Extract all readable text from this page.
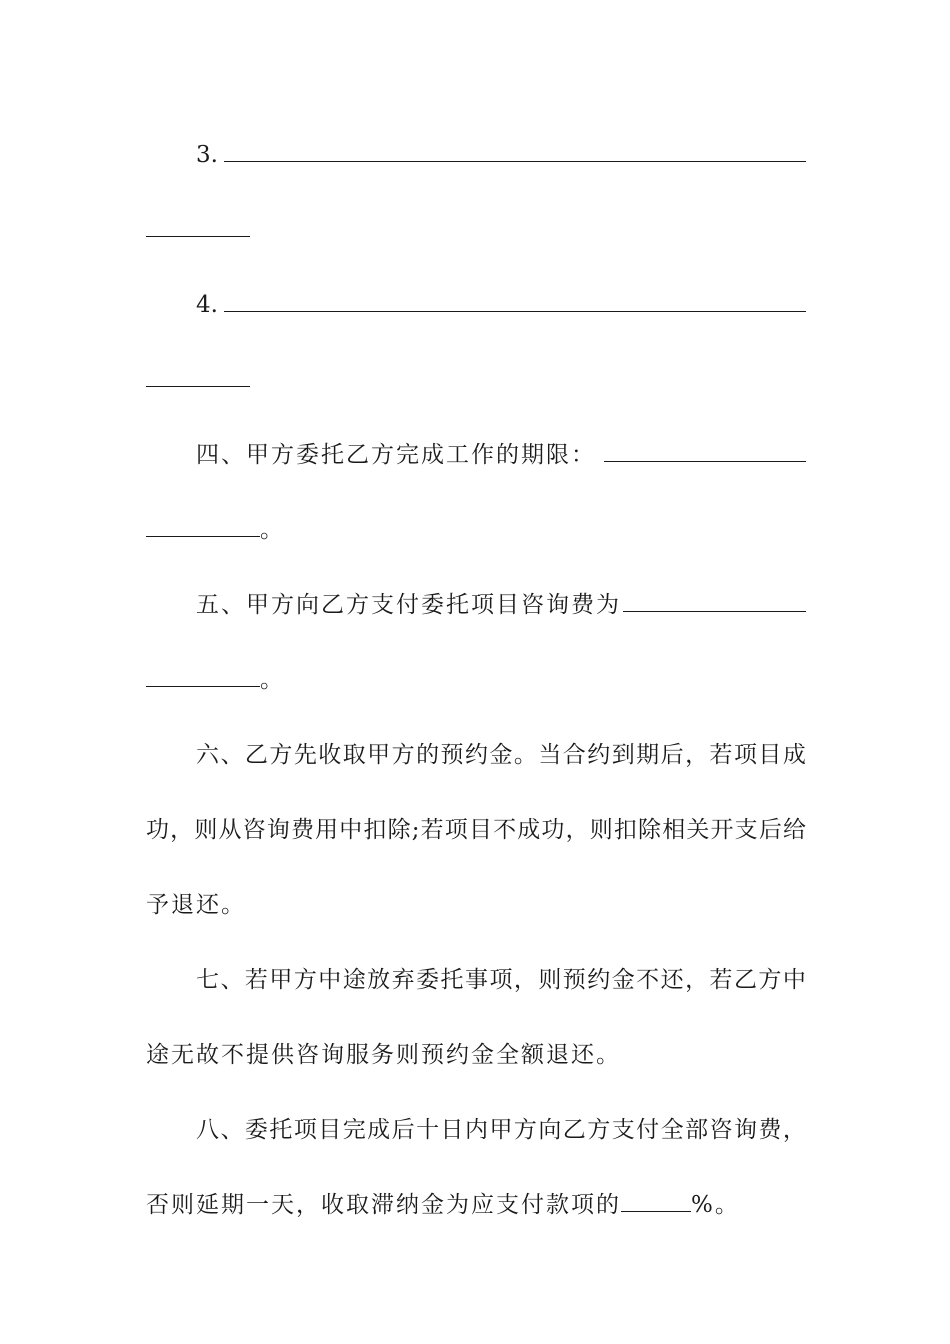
3.
4.
四、甲方委托乙方完成工作的期限：
。
五、甲方向乙方支付委托项目咨询费为
。
六 、 乙 方 先 收 取 甲 方 的 预 约 金 。 当 合 约 到 期 后 ， 若 项 目 成
功 ， 则 从 咨 询 费 用 中 扣 除 ; 若 项 目 不 成 功 ， 则 扣 除 相 关 开 支 后 给
予退还。
七 、 若 甲 方 中 途 放 弃 委 托 事 项 ， 则 预 约 金 不 还 ， 若 乙 方 中
途无故不提供咨询服务则预约金全额退还。
八 、 委 托 项 目 完 成 后 十 日 内 甲 方 向 乙 方 支 付 全 部 咨 询 费 ，
否则延期一天，收取滞纳金为应支付款项的	%。
